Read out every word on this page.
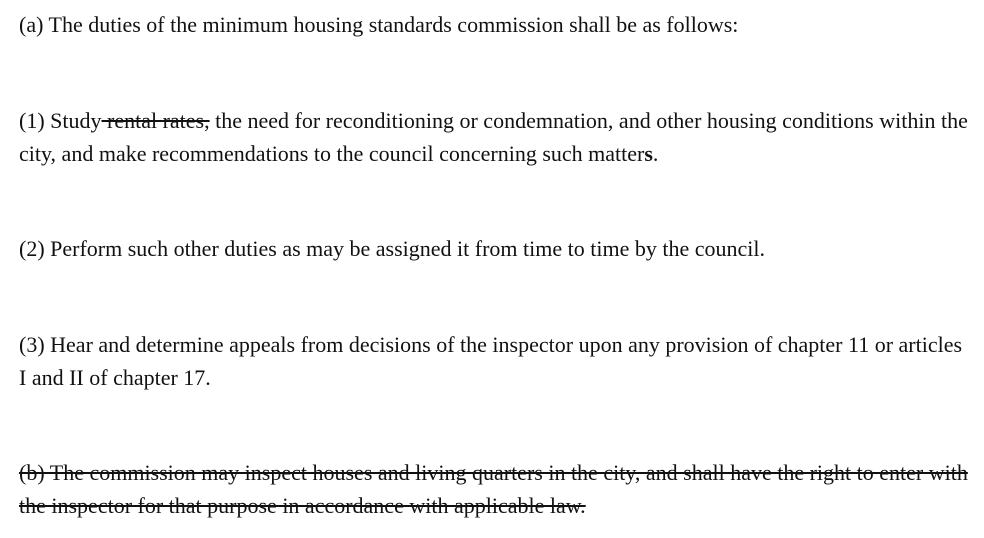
(a) The duties of the minimum housing standards commission shall be as follows:

(1) Study rental rates, the need for reconditioning or condemnation, and other housing conditions within the city, and make recommendations to the council concerning such matters.

(2) Perform such other duties as may be assigned it from time to time by the council.

(3) Hear and determine appeals from decisions of the inspector upon any provision of chapter 11 or articles I and II of chapter 17.

(b) The commission may inspect houses and living quarters in the city, and shall have the right to enter with the inspector for that purpose in accordance with applicable law.
